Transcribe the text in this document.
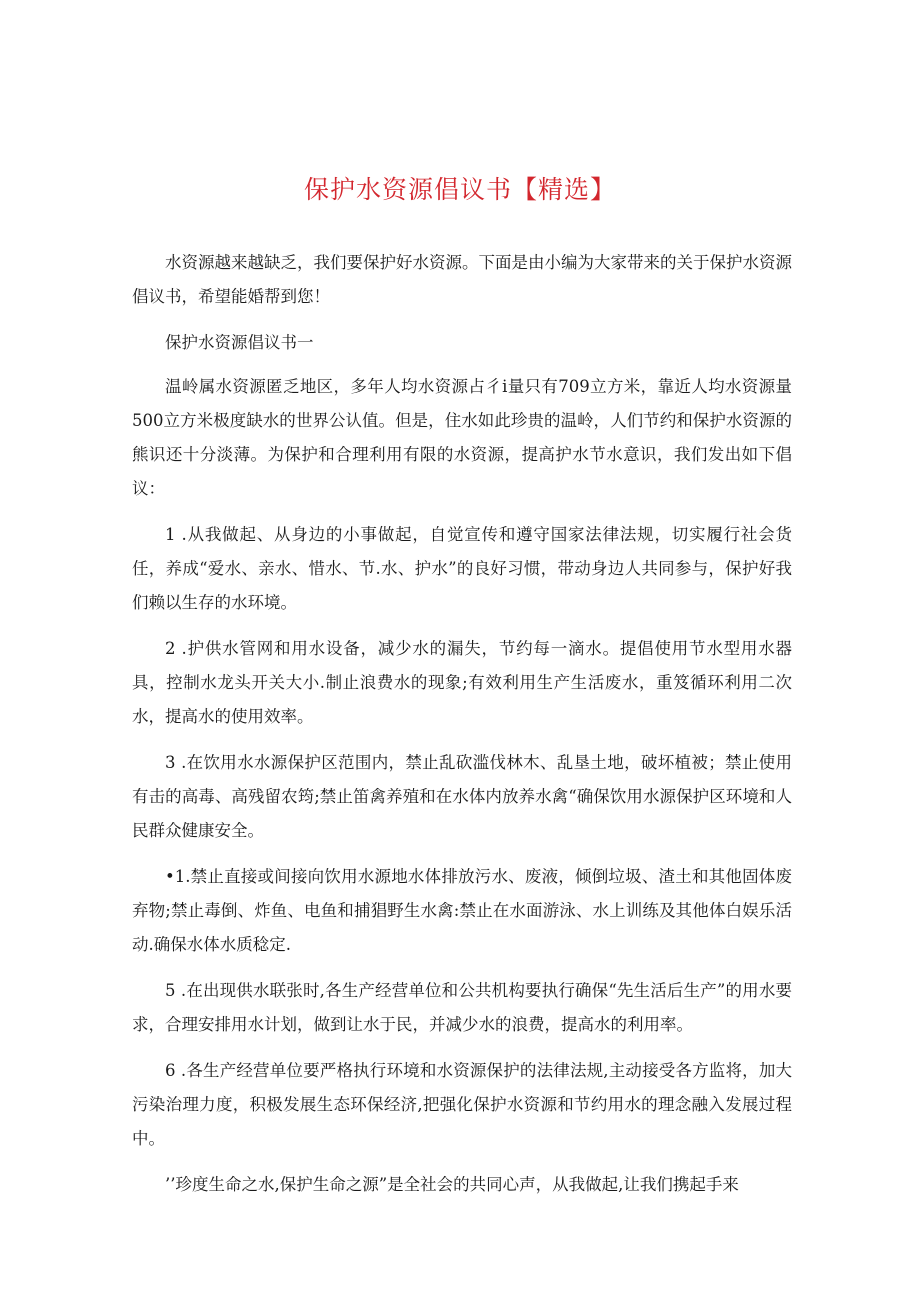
保护水资源倡议书【精选】

水资源越来越缺乏，我们要保护好水资源。下面是由小编为大家带来的关于保护水资源倡议书，希望能婚帮到您！

保护水资源倡议书一

温岭属水资源匿乏地区，多年人均水资源占彳i量只有709立方米，靠近人均水资源量500立方米极度缺水的世界公认值。但是，住水如此珍贵的温岭，人们节约和保护水资源的熊识还十分淡薄。为保护和合理利用有限的水资源，提高护水节水意识，我们发出如下倡议：

1 .从我做起、从身边的小事做起，自觉宣传和遵守国家法律法规，切实履行社会货任，养成“爱水、亲水、惜水、节.水、护水”的良好习惯，带动身边人共同参与，保护好我们赖以生存的水环境。

2 .护供水管网和用水设备，减少水的漏失，节约每一滴水。提倡使用节水型用水器具，控制水龙头开关大小.制止浪费水的现象;有效利用生产生活废水，重笈循环利用二次水，提高水的使用效率。

3 .在饮用水水源保护区范围内，禁止乱砍滥伐林木、乱垦土地，破坏植被；禁止使用有击的高毒、高残留农筠;禁止笛禽养殖和在水体内放养水禽“确保饮用水源保护区环境和人民群众健康安全。

•1.禁止直接或间接向饮用水源地水体排放污水、废液，倾倒垃圾、渣土和其他固体废弃物;禁止毒倒、炸鱼、电鱼和捕猖野生水禽:禁止在水面游泳、水上训练及其他体白娱乐活动.确保水体水质稔定.

5 .在出现供水联张时,各生产经营单位和公共机构要执行确保“先生活后生产”的用水要求，合理安排用水计划，做到让水于民，并减少水的浪费，提高水的利用率。

6 .各生产经营单位要严格执行环境和水资源保护的法律法规,主动接受各方监将，加大污染治理力度，积极发展生态环保经济,把强化保护水资源和节约用水的理念融入发展过程中。

’’珍度生命之水,保护生命之源”是全社会的共同心声，从我做起,让我们携起手来
